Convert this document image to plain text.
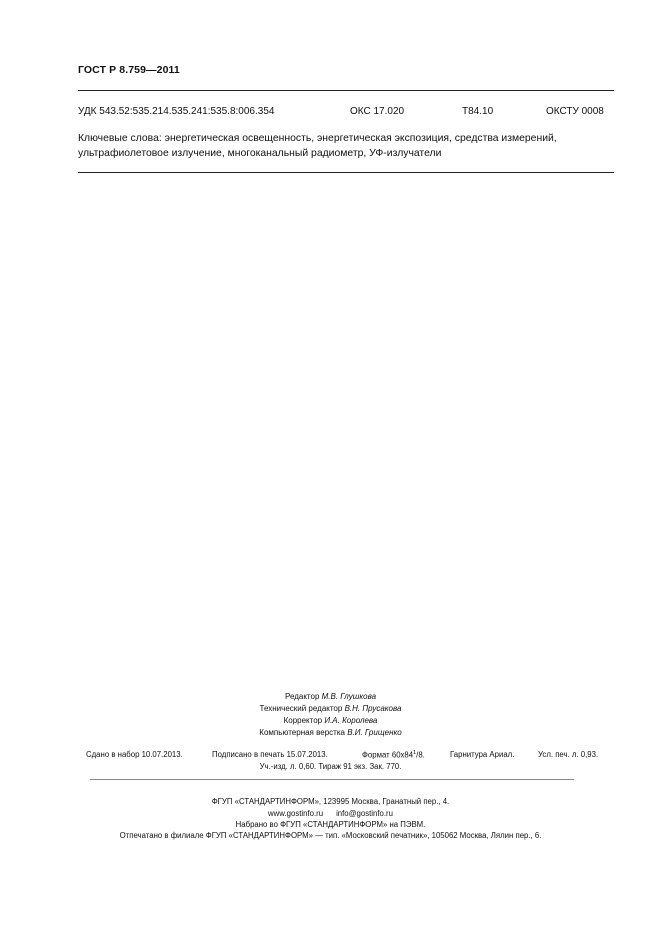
ГОСТ Р 8.759—2011
УДК 543.52:535.214.535.241:535.8:006.354	ОКС 17.020	Т84.10	ОКСТУ 0008
Ключевые слова: энергетическая освещенность, энергетическая экспозиция, средства измерений,
ультрафиолетовое излучение, многоканальный радиометр, УФ-излучатели
Редактор М.В. Глушкова
Технический редактор В.Н. Прусакова
Корректор И.А. Королева
Компьютерная верстка В.И. Грищенко
Сдано в набор 10.07.2013.	Подписано в печать 15.07.2013.	Формат $60x84^1/8$.	Гарнитура Ариал.	Усл. печ. л. 0,93.
Уч.-изд. л. 0,60. Тираж 91 экз. Зак. 770.
ФГУП «СТАНДАРТИНФОРМ», 123995 Москва, Гранатный пер., 4.
www.gostinfo.ru info@gostinfo.ru
Набрано во ФГУП «СТАНДАРТИНФОРМ» на ПЭВМ.
Отпечатано в филиале ФГУП «СТАНДАРТИНФОРМ» — тип. «Московский печатник», 105062 Москва, Лялин пер., 6.
